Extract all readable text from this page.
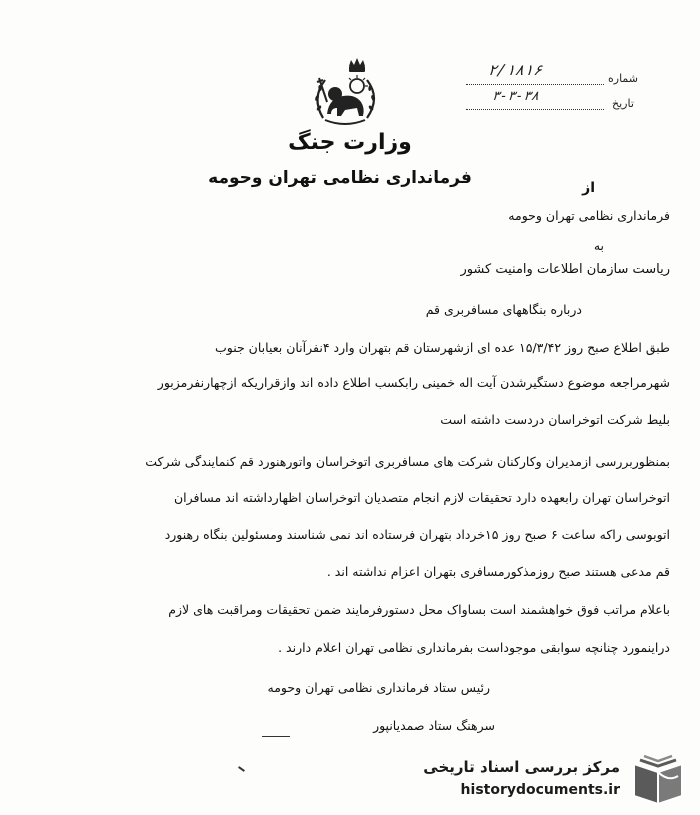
شماره
۲/۱۸۱۶
تاریخ
۳-۳-۳۸
وزارت جنگ
فرمانداری نظامی تهران وحومه	از
فرمانداری نظامی تهران وحومه
به
ریاست سازمان اطلاعات وامنیت کشور
درباره بنگاههای مسافربری قم
طبق اطلاع صبح روز ۱۵/۳/۴۲ عده ای ازشهرستان قم بتهران وارد ۴نفرآنان بعیابان جنوب
شهرمراجعه موضوع دستگیرشدن آیت اله خمینی رابکسب اطلاع داده اند وازقراریکه ازچهارنفرمزبور
بلیط شرکت اتوخراسان دردست داشته است
بمنظوربررسی ازمدیران وکارکنان شرکت های مسافربری اتوخراسان واتورهنورد قم کنمایندگی شرکت
اتوخراسان تهران رابعهده دارد تحقیقات لازم انجام متصدیان اتوخراسان اظهارداشته اند مسافران
اتوبوسی راکه ساعت ۶ صبح روز ۱۵خرداد بتهران فرستاده اند نمی شناسند ومسئولین بنگاه رهنورد
قم مدعی هستند صبح روزمذکورمسافری بتهران اعزام نداشته اند .
باعلام مراتب فوق خواهشمند است بساواک محل دستورفرمایند ضمن تحقیقات ومراقبت های لازم
دراینمورد چنانچه سوابقی موجوداست بفرمانداری نظامی تهران اعلام دارند .
رئیس ستاد فرمانداری نظامی تهران وحومه
سرهنگ ستاد صمدیانپور
مرکز بررسی اسناد تاریخی
historydocuments.ir
